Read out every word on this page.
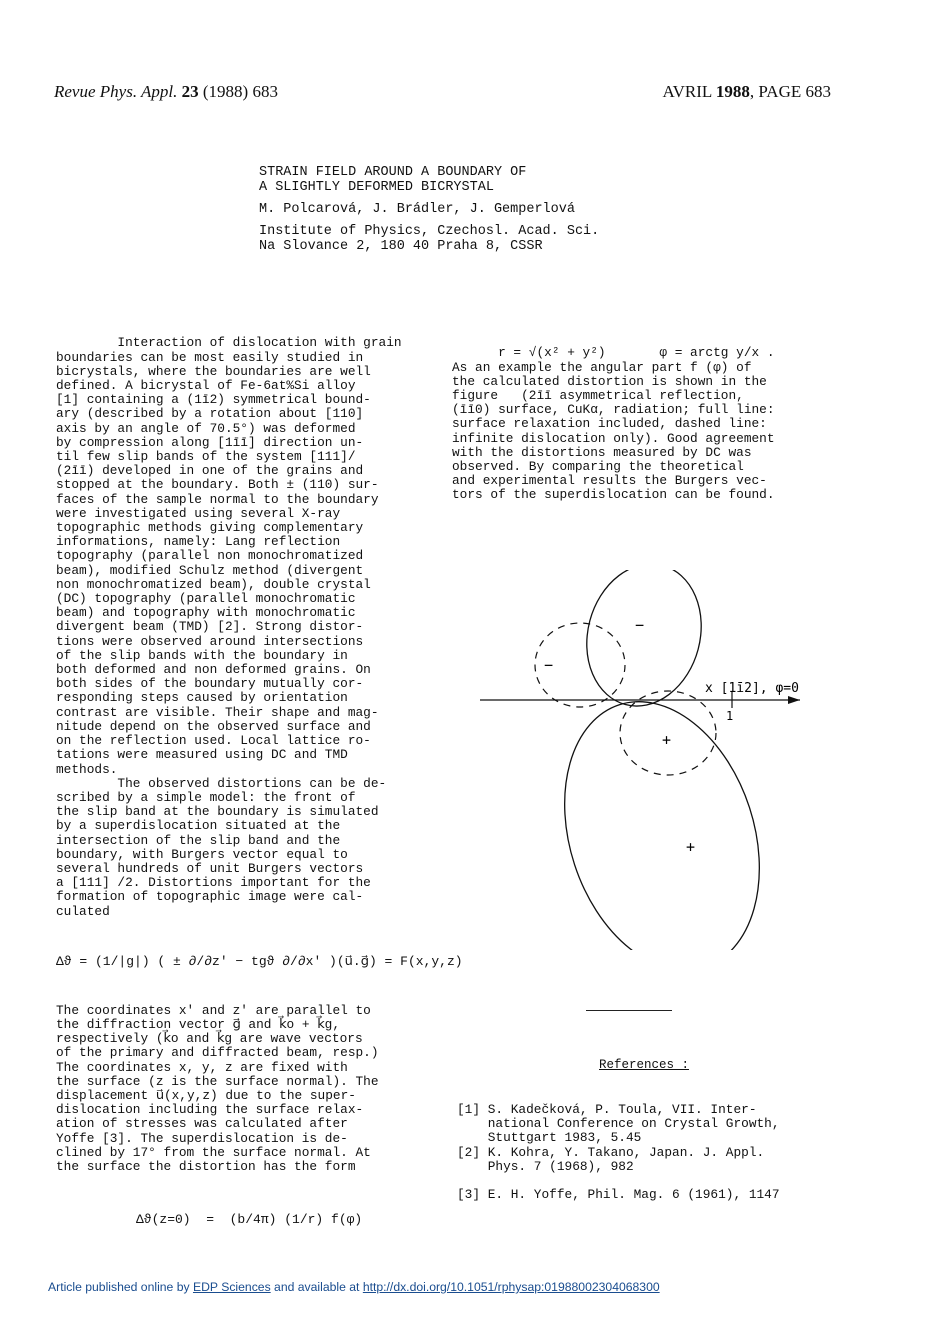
Revue Phys. Appl. 23 (1988) 683	AVRIL 1988, PAGE 683
STRAIN FIELD AROUND A BOUNDARY OF
A SLIGHTLY DEFORMED BICRYSTAL
M. Polcarová, J. Brádler, J. Gemperlová
Institute of Physics, Czechosl. Acad. Sci.
Na Slovance 2, 180 40 Praha 8, CSSR

Interaction of dislocation with grain
boundaries can be most easily studied in
bicrystals, where the boundaries are well
defined. A bicrystal of Fe-6at%Si alloy
[1] containing a (1ī2) symmetrical bound-
ary (described by a rotation about [110]
axis by an angle of 70.5°) was deformed
by compression along [1īī] direction un-
til few slip bands of the system [111]/
(2īī) developed in one of the grains and
stopped at the boundary. Both ± (110) sur-
faces of the sample normal to the boundary
were investigated using several X-ray
topographic methods giving complementary
informations, namely: Lang reflection
topography (parallel non monochromatized
beam), modified Schulz method (divergent
non monochromatized beam), double crystal
(DC) topography (parallel monochromatic
beam) and topography with monochromatic
divergent beam (TMD) [2]. Strong distor-
tions were observed around intersections
of the slip bands with the boundary in
both deformed and non deformed grains. On
both sides of the boundary mutually cor-
responding steps caused by orientation
contrast are visible. Their shape and mag-
nitude depend on the observed surface and
on the reflection used. Local lattice ro-
tations were measured using DC and TMD
methods.
The observed distortions can be de-
scribed by a simple model: the front of
the slip band at the boundary is simulated
by a superdislocation situated at the
intersection of the slip band and the
boundary, with Burgers vector equal to
several hundreds of unit Burgers vectors
a [111] /2. Distortions important for the
formation of topographic image were cal-
culated

Δϑ = (1/|g|) ( ± ∂/∂z′ − tgϑ ∂/∂x′ )(u⃗.g⃗) = F(x,y,z)

The coordinates x′ and z′ are parallel to
the diffraction vector g⃗ and k⃗o + k⃗g,
respectively (k⃗o and k⃗g are wave vectors
of the primary and diffracted beam, resp.)
The coordinates x, y, z are fixed with
the surface (z is the surface normal). The
displacement u⃗(x,y,z) due to the super-
dislocation including the surface relax-
ation of stresses was calculated after
Yoffe [3]. The superdislocation is de-
clined by 17° from the surface normal. At
the surface the distortion has the form

Δϑ(z=0)  =  (b/4π) (1/r) f(φ)

r = √(x² + y²)       φ = arctg y/x .
As an example the angular part f (φ) of
the calculated distortion is shown in the
figure   (2īī asymmetrical reflection,
(īī0) surface, CuKα, radiation; full line:
surface relaxation included, dashed line:
infinite dislocation only). Good agreement
with the distortions measured by DC was
observed. By comparing the theoretical
and experimental results the Burgers vec-
tors of the superdislocation can be found.

x [1ī2], φ=0
1
−
−
+
+
References :
[1] S. Kadečková, P. Toula, VII. Inter-
national Conference on Crystal Growth,
Stuttgart 1983, 5.45
[2] K. Kohra, Y. Takano, Japan. J. Appl.
Phys. 7 (1968), 982

[3] E. H. Yoffe, Phil. Mag. 6 (1961), 1147
Article published online by EDP Sciences and available at http://dx.doi.org/10.1051/rphysap:01988002304068300
